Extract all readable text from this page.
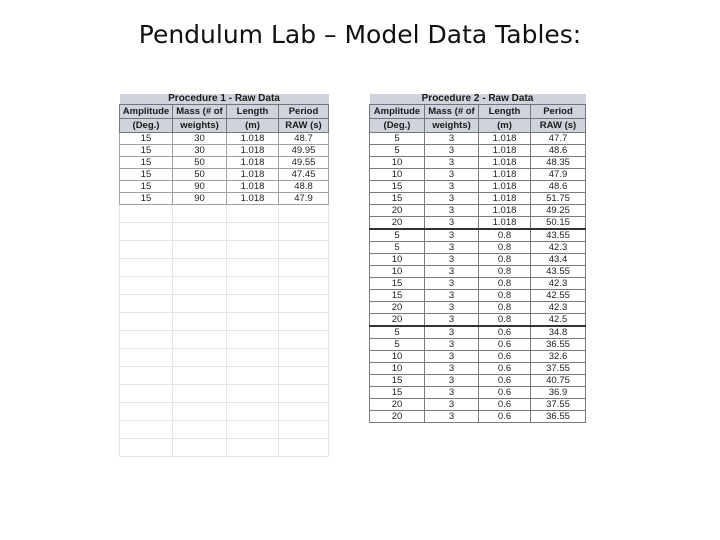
Pendulum Lab – Model Data Tables:
Procedure 1 - Raw Data			
Amplitude	Mass (# of	Length	Period
(Deg.)	weights)	(m)	RAW (s)
15	30	1.018	48.7
15	30	1.018	49.95
15	50	1.018	49.55
15	50	1.018	47.45
15	90	1.018	48.8
15	90	1.018	47.9

Procedure 2 - Raw Data			
Amplitude	Mass (# of	Length	Period
(Deg.)	weights)	(m)	RAW (s)
5	3	1.018	47.7
5	3	1.018	48.6
10	3	1.018	48.35
10	3	1.018	47.9
15	3	1.018	48.6
15	3	1.018	51.75
20	3	1.018	49.25
20	3	1.018	50.15
5	3	0.8	43.55
5	3	0.8	42.3
10	3	0.8	43.4
10	3	0.8	43.55
15	3	0.8	42.3
15	3	0.8	42.55
20	3	0.8	42.3
20	3	0.8	42.5
5	3	0.6	34.8
5	3	0.6	36.55
10	3	0.6	32.6
10	3	0.6	37.55
15	3	0.6	40.75
15	3	0.6	36.9
20	3	0.6	37.55
20	3	0.6	36.55
